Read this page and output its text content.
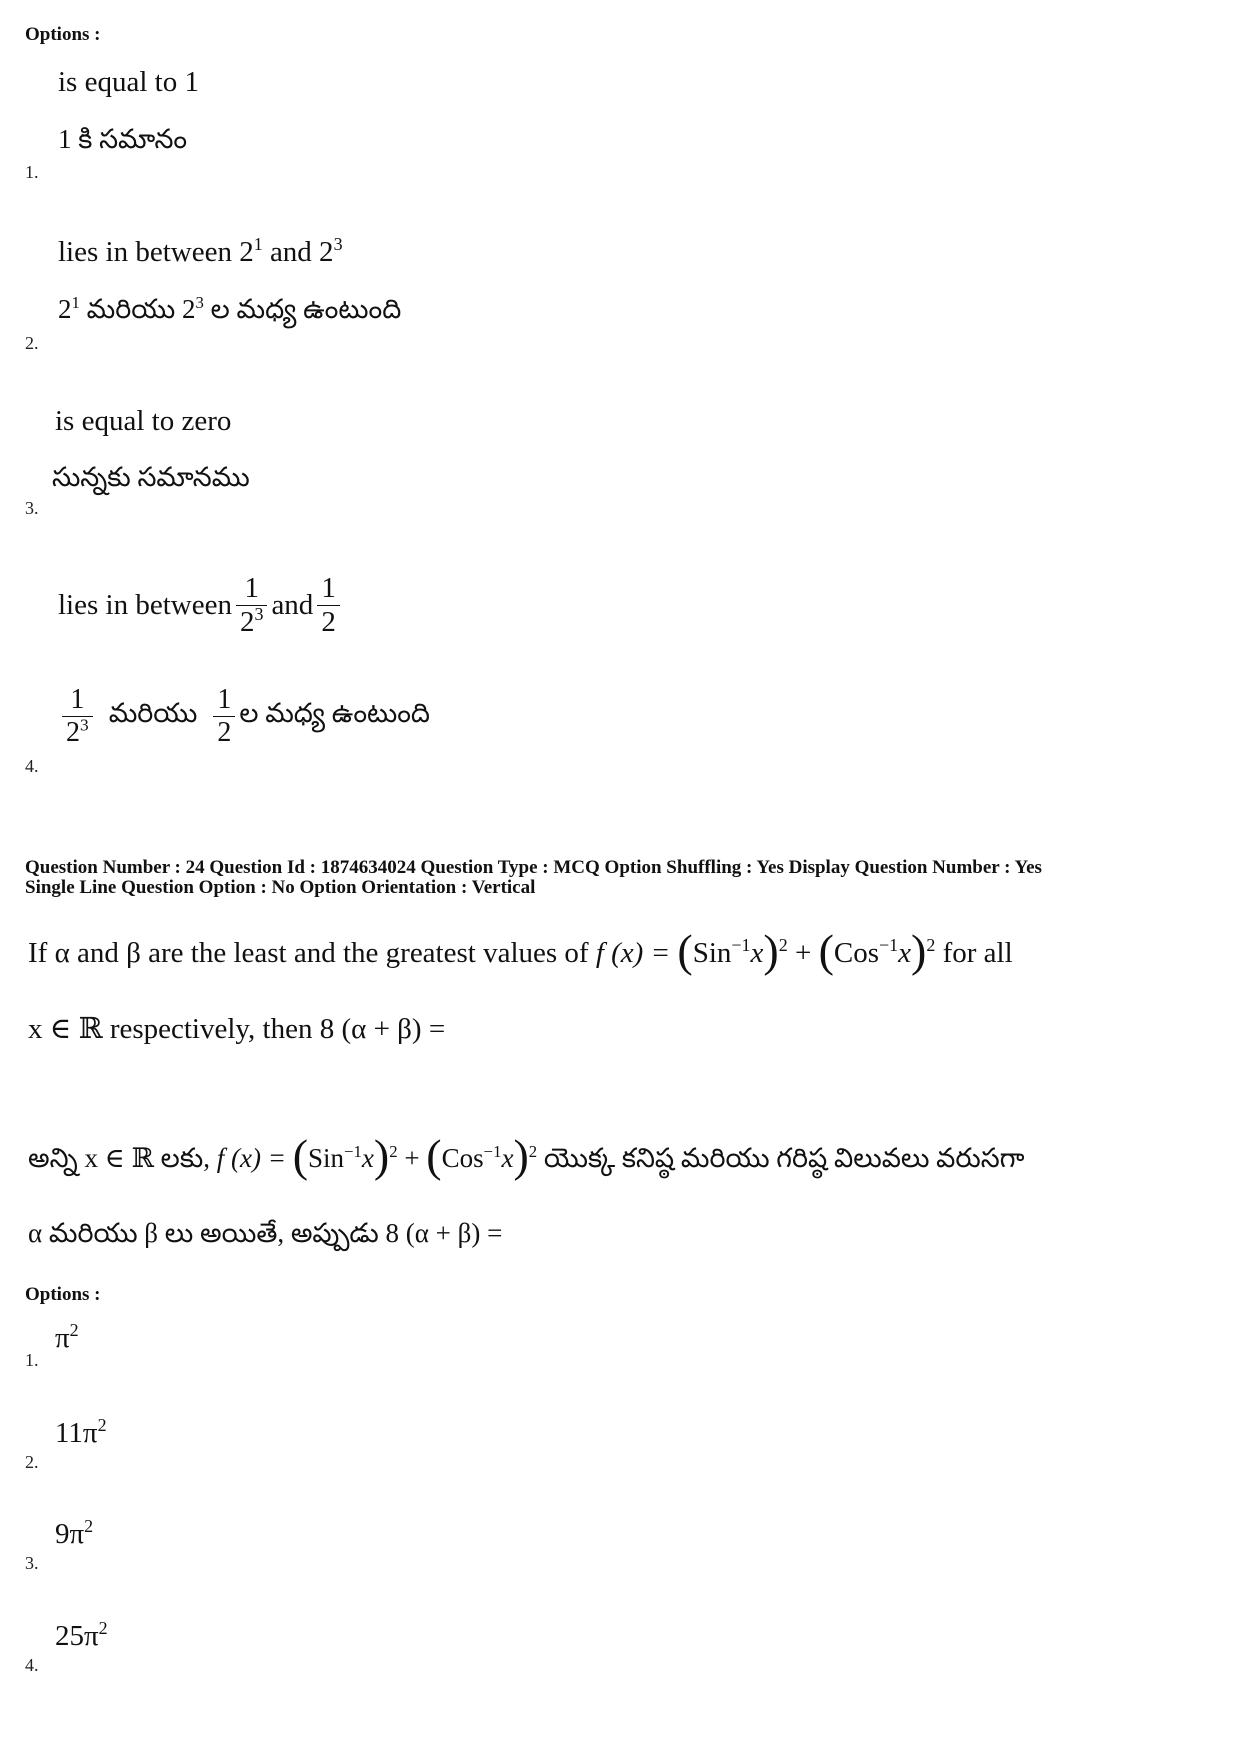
Options :
is equal to 1
1 కి సమానం
1.
lies in between $2^1$ and $2^3$
$2^1$ మరియు $2^3$ ల మధ్య ఉంటుంది
2.
is equal to zero
సున్నకు సమానము
3.
lies in between $\frac{1}{2^3}$ and $\frac{1}{2}$
$\frac{1}{2^3}$ మరియు $\frac{1}{2}$ ల మధ్య ఉంటుంది
4.
Question Number : 24 Question Id : 1874634024 Question Type : MCQ Option Shuffling : Yes Display Question Number : Yes
Single Line Question Option : No Option Orientation : Vertical
If α and β are the least and the greatest values of f $(x) = (Sin^{-1}x)^2 + (Cos^{-1}x)^2$ for all
x ∈ ℝ respectively, then 8 (α + β) =
అన్ని x ∈ ℝ లకు, f $(x) = (Sin^{-1}x)^2 + (Cos^{-1}x)^2$ యొక్క కనిష్ఠ మరియు గరిష్ఠ విలువలు వరుసగా
α మరియు β లు అయితే, అప్పుడు 8 (α + β) =
Options :
$\pi^2$
1.
$11\pi^2$
2.
$9\pi^2$
3.
$25\pi^2$
4.
